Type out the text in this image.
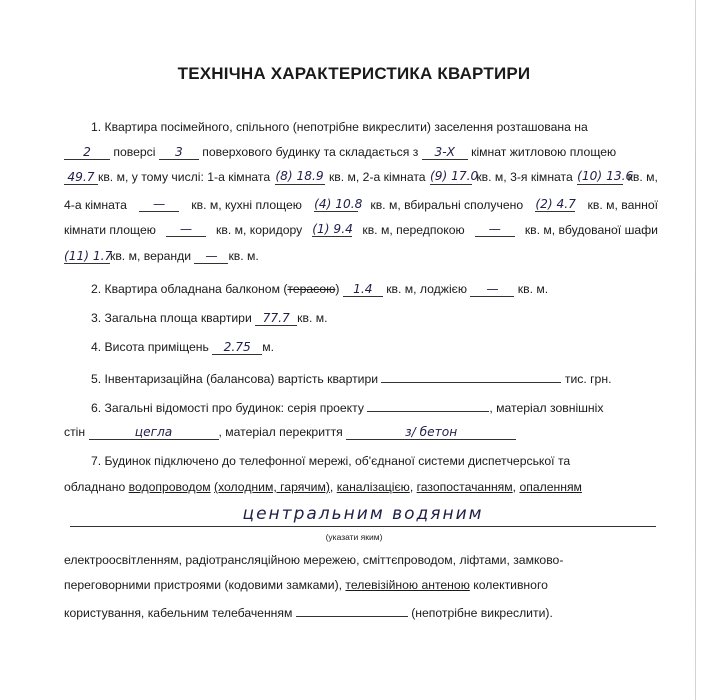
ТЕХНІЧНА ХАРАКТЕРИСТИКА КВАРТИРИ
1. Квартира посімейного, спільного (непотрібне викреслити) заселення розташована на
2 поверсі 3 поверхового будинку та складається з 3-Х кімнат житловою площею
49.7 кв. м, у тому числі: 1-а кімната (8) 18.9 кв. м, 2-а кімната (9) 17.0
кв. м, 3-я кімната (10) 13.6
кв. м,
4-а кімната	—	кв. м, кухні площею (4) 10.8 кв. м, вбиральні сполучено (2) 4.7 кв. м, ванної
кімнати площею	—	кв. м, коридору (1) 9.4 кв. м, передпокою	—	кв. м, вбудованої шафи
(11) 1.7кв. м, веранди — кв. м.
2. Квартира обладнана балконом (терасою) 1.4 кв. м, лоджією — кв. м.
3. Загальна площа квартири 77.7 кв. м.
4. Висота приміщень 2.75 м.
5. Інвентаризаційна (балансова) вартість квартири	тис. грн.
6. Загальні відомості про будинок: серія проекту	, матеріал зовнішніх
стін	цегла	, матеріал перекриття	з/ бетон
7. Будинок підключено до телефонної мережі, об'єднаної системи диспетчерської та
обладнано водопроводом (холодним, гарячим), каналізацією, газопостачанням, опаленням
центральним водяним
(указати яким)
електроосвітленням, радіотрансляційною мережею, сміттєпроводом, ліфтами, замково-
переговорними пристроями (кодовими замками), телевізійною антеною колективного
користування, кабельним телебаченням	(непотрібне викреслити).
